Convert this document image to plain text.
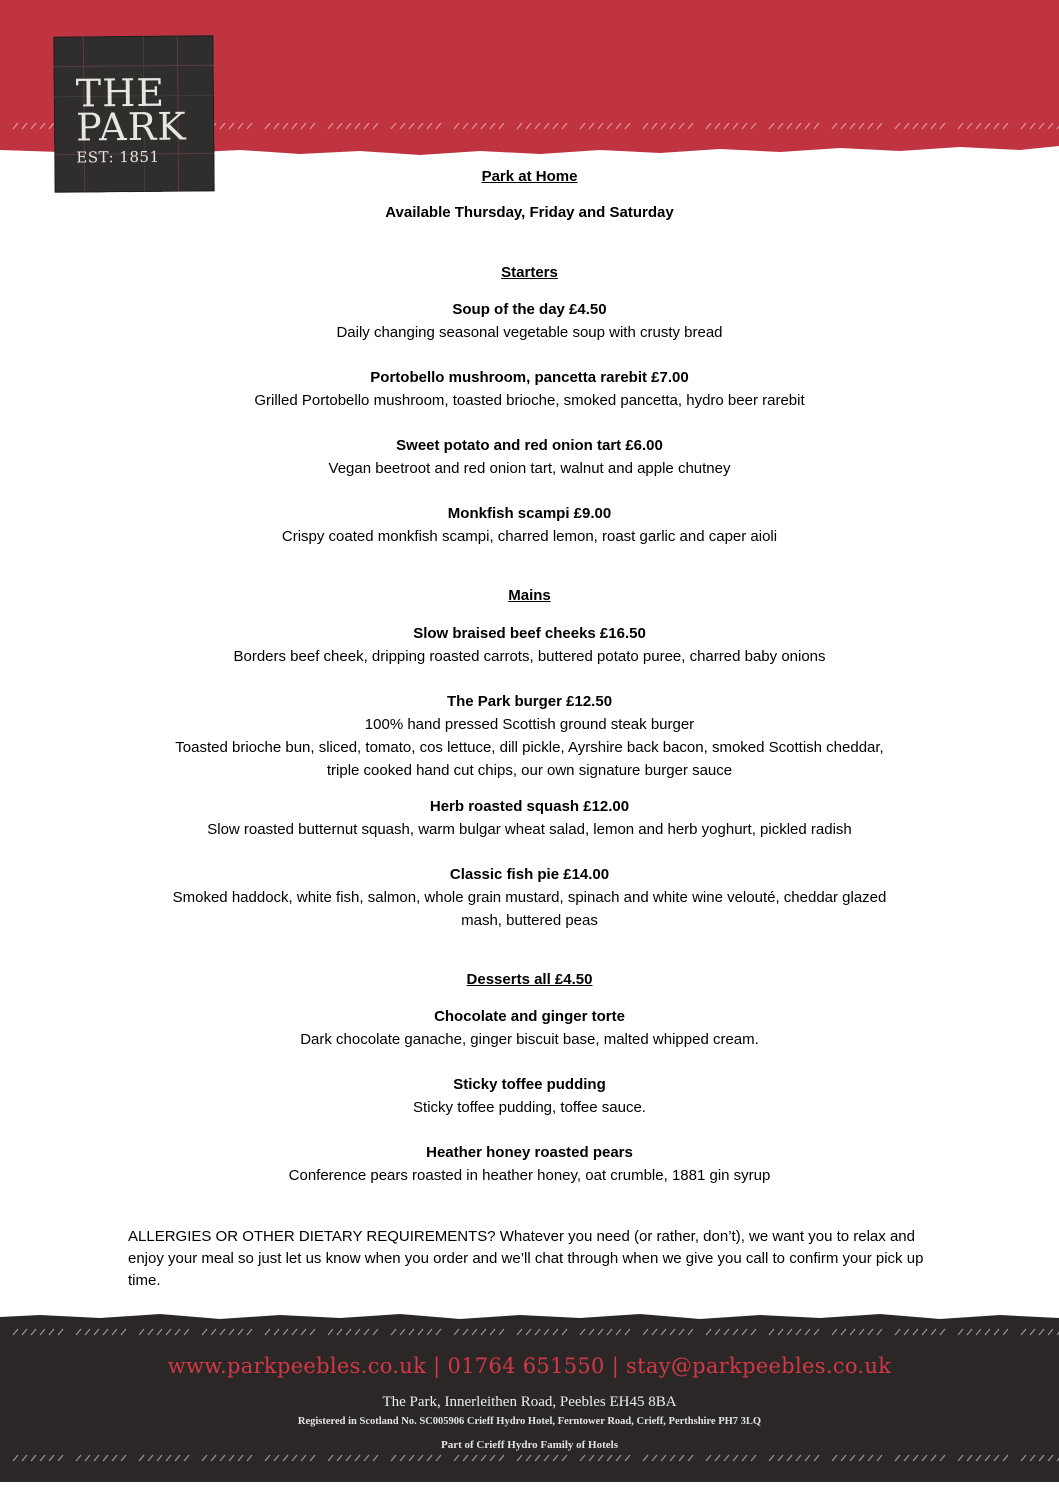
THE
PARK
EST: 1851
Park at Home
Available Thursday, Friday and Saturday
Starters
Soup of the day £4.50
Daily changing seasonal vegetable soup with crusty bread
Portobello mushroom, pancetta rarebit £7.00
Grilled Portobello mushroom, toasted brioche, smoked pancetta, hydro beer rarebit
Sweet potato and red onion tart £6.00
Vegan beetroot and red onion tart, walnut and apple chutney
Monkfish scampi £9.00
Crispy coated monkfish scampi, charred lemon, roast garlic and caper aioli
Mains
Slow braised beef cheeks £16.50
Borders beef cheek, dripping roasted carrots, buttered potato puree, charred baby onions
The Park burger £12.50
100% hand pressed Scottish ground steak burger
Toasted brioche bun, sliced, tomato, cos lettuce, dill pickle, Ayrshire back bacon, smoked Scottish cheddar,
triple cooked hand cut chips, our own signature burger sauce
Herb roasted squash £12.00
Slow roasted butternut squash, warm bulgar wheat salad, lemon and herb yoghurt, pickled radish
Classic fish pie £14.00
Smoked haddock, white fish, salmon, whole grain mustard, spinach and white wine velouté, cheddar glazed
mash, buttered peas
Desserts all £4.50
Chocolate and ginger torte
Dark chocolate ganache, ginger biscuit base, malted whipped cream.
Sticky toffee pudding
Sticky toffee pudding, toffee sauce.
Heather honey roasted pears
Conference pears roasted in heather honey, oat crumble, 1881 gin syrup
ALLERGIES OR OTHER DIETARY REQUIREMENTS? Whatever you need (or rather, don’t), we want you to relax and enjoy your meal so just let us know when you order and we’ll chat through when we give you call to confirm your pick up time.
www.parkpeebles.co.uk | 01764 651550 | stay@parkpeebles.co.uk
The Park, Innerleithen Road, Peebles EH45 8BA
Registered in Scotland No. SC005906 Crieff Hydro Hotel, Ferntower Road, Crieff, Perthshire PH7 3LQ
Part of Crieff Hydro Family of Hotels
